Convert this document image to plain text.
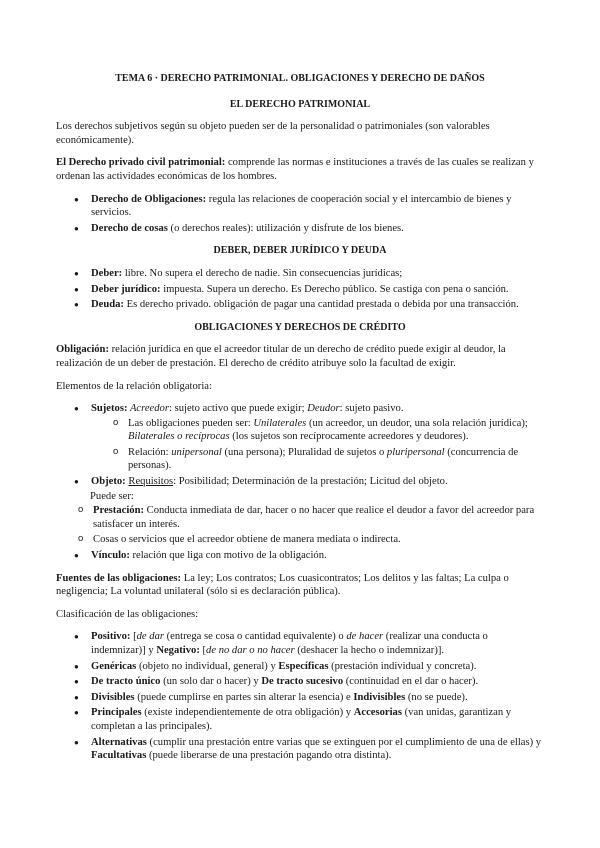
TEMA 6 · DERECHO PATRIMONIAL. OBLIGACIONES Y DERECHO DE DAÑOS
EL DERECHO PATRIMONIAL

Los derechos subjetivos según su objeto pueden ser de la personalidad o patrimoniales (son valorables económicamente).

El Derecho privado civil patrimonial: comprende las normas e instituciones a través de las cuales se realizan y ordenan las actividades económicas de los hombres.

● Derecho de Obligaciones: regula las relaciones de cooperación social y el intercambio de bienes y servicios.
● Derecho de cosas (o derechos reales): utilización y disfrute de los bienes.
DEBER, DEBER JURÍDICO Y DEUDA
● Deber: libre. No supera el derecho de nadie. Sin consecuencias jurídicas;
● Deber jurídico: impuesta. Supera un derecho. Es Derecho público. Se castiga con pena o sanción.
● Deuda: Es derecho privado. obligación de pagar una cantidad prestada o debida por una transacción.
OBLIGACIONES Y DERECHOS DE CRÉDITO

Obligación: relación jurídica en que el acreedor titular de un derecho de crédito puede exigir al deudor, la realización de un deber de prestación. El derecho de crédito atribuye solo la facultad de exigir.

Elementos de la relación obligatoria:

● Sujetos: Acreedor: sujeto activo que puede exigir; Deudor: sujeto pasivo.
o Las obligaciones pueden ser: Unilaterales (un acreedor, un deudor, una sola relación jurídica); Bilaterales o recíprocas (los sujetos son recíprocamente acreedores y deudores).
o Relación: unipersonal (una persona); Pluralidad de sujetos o pluripersonal (concurrencia de personas).
● Objeto: Requisitos: Posibilidad; Determinación de la prestación; Licitud del objeto.
Puede ser:
o Prestación: Conducta inmediata de dar, hacer o no hacer que realice el deudor a favor del acreedor para satisfacer un interés.
o Cosas o servicios que el acreedor obtiene de manera mediata o indirecta.
● Vínculo: relación que liga con motivo de la obligación.

Fuentes de las obligaciones: La ley; Los contratos; Los cuasicontratos; Los delitos y las faltas; La culpa o negligencia; La voluntad unilateral (sólo si es declaración pública).

Clasificación de las obligaciones:

● Positivo: [de dar (entrega se cosa o cantidad equivalente) o de hacer (realizar una conducta o indemnizar)] y Negativo: [de no dar o no hacer (deshacer la hecho o indemnizar)].
● Genéricas (objeto no individual, general) y Específicas (prestación individual y concreta).
● De tracto único (un solo dar o hacer) y De tracto sucesivo (continuidad en el dar o hacer).
● Divisibles (puede cumplirse en partes sin alterar la esencia) e Indivisibles (no se puede).
● Principales (existe independientemente de otra obligación) y Accesorias (van unidas, garantizan y completan a las principales).
● Alternativas (cumplir una prestación entre varias que se extinguen por el cumplimiento de una de ellas) y Facultativas (puede liberarse de una prestación pagando otra distinta).
